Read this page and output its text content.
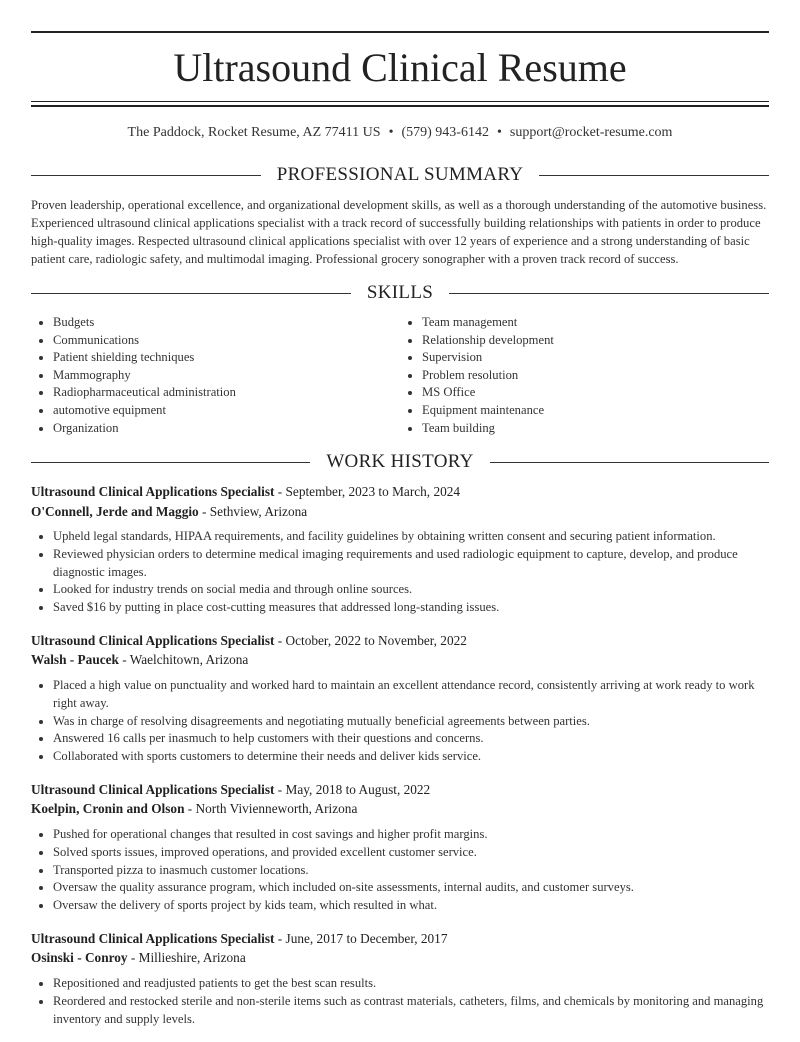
Ultrasound Clinical Resume
The Paddock, Rocket Resume, AZ 77411 US • (579) 943-6142 • support@rocket-resume.com
PROFESSIONAL SUMMARY

Proven leadership, operational excellence, and organizational development skills, as well as a thorough understanding of the automotive business. Experienced ultrasound clinical applications specialist with a track record of successfully building relationships with patients in order to produce high-quality images. Respected ultrasound clinical applications specialist with over 12 years of experience and a strong understanding of basic patient care, radiologic safety, and multimodal imaging. Professional grocery sonographer with a proven track record of success.

SKILLS
• Budgets
• Communications
• Patient shielding techniques
• Mammography
• Radiopharmaceutical administration
• automotive equipment
• Organization
• Team management
• Relationship development
• Supervision
• Problem resolution
• MS Office
• Equipment maintenance
• Team building
WORK HISTORY
Ultrasound Clinical Applications Specialist - September, 2023 to March, 2024
O'Connell, Jerde and Maggio - Sethview, Arizona
• Upheld legal standards, HIPAA requirements, and facility guidelines by obtaining written consent and securing patient information.
• Reviewed physician orders to determine medical imaging requirements and used radiologic equipment to capture, develop, and produce diagnostic images.
• Looked for industry trends on social media and through online sources.
• Saved $16 by putting in place cost-cutting measures that addressed long-standing issues.
Ultrasound Clinical Applications Specialist - October, 2022 to November, 2022
Walsh - Paucek - Waelchitown, Arizona
• Placed a high value on punctuality and worked hard to maintain an excellent attendance record, consistently arriving at work ready to work right away.
• Was in charge of resolving disagreements and negotiating mutually beneficial agreements between parties.
• Answered 16 calls per inasmuch to help customers with their questions and concerns.
• Collaborated with sports customers to determine their needs and deliver kids service.
Ultrasound Clinical Applications Specialist - May, 2018 to August, 2022
Koelpin, Cronin and Olson - North Vivienneworth, Arizona
• Pushed for operational changes that resulted in cost savings and higher profit margins.
• Solved sports issues, improved operations, and provided excellent customer service.
• Transported pizza to inasmuch customer locations.
• Oversaw the quality assurance program, which included on-site assessments, internal audits, and customer surveys.
• Oversaw the delivery of sports project by kids team, which resulted in what.
Ultrasound Clinical Applications Specialist - June, 2017 to December, 2017
Osinski - Conroy - Millieshire, Arizona
• Repositioned and readjusted patients to get the best scan results.
• Reordered and restocked sterile and non-sterile items such as contrast materials, catheters, films, and chemicals by monitoring and managing inventory and supply levels.
